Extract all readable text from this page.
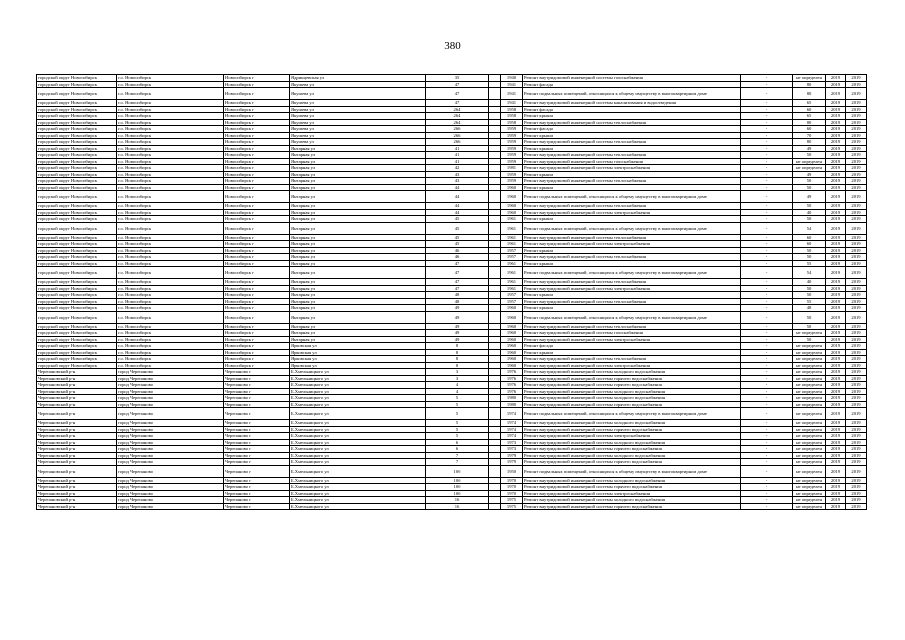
380
городской округ Новосибирск	г.о. Новосибирск	Новосибирск г	Ядринцевская ул	35		1940	Ремонт внутридомовой инженерной системы газоснабжения	-	не определен	2019	2019
городской округ Новосибирск	г.о. Новосибирск	Новосибирск г	Якушева ул	47		1941	Ремонт фасада	-	80	2019	2019
городской округ Новосибирск	г.о. Новосибирск	Новосибирск г	Якушева ул	47		1941	Ремонт подвальных помещений, относящихся к общему имуществу в многоквартирном доме	-	80	2019	2019
городской округ Новосибирск	г.о. Новосибирск	Новосибирск г	Якушева ул	47		1941	Ремонт внутридомовой инженерной системы канализования и водоотведения	-	65	2019	2019
городской округ Новосибирск	г.о. Новосибирск	Новосибирск г	Якушева ул	264		1958	Ремонт фасада	-	60	2019	2019
городской округ Новосибирск	г.о. Новосибирск	Новосибирск г	Якушева ул	264		1958	Ремонт крыши	-	65	2019	2019
городской округ Новосибирск	г.о. Новосибирск	Новосибирск г	Якушева ул	264		1958	Ремонт внутридомовой инженерной системы теплоснабжения	-	80	2019	2019
городской округ Новосибирск	г.о. Новосибирск	Новосибирск г	Якушева ул	266		1959	Ремонт фасада	-	60	2019	2019
городской округ Новосибирск	г.о. Новосибирск	Новосибирск г	Якушева ул	266		1959	Ремонт крыши	-	70	2019	2019
городской округ Новосибирск	г.о. Новосибирск	Новосибирск г	Якушева ул	266		1959	Ремонт внутридомовой инженерной системы теплоснабжения	-	80	2019	2019
городской округ Новосибирск	г.о. Новосибирск	Новосибирск г	Янтарная ул	41		1959	Ремонт крыши	-	49	2019	2019
городской округ Новосибирск	г.о. Новосибирск	Новосибирск г	Янтарная ул	41		1959	Ремонт внутридомовой инженерной системы теплоснабжения	-	50	2019	2019
городской округ Новосибирск	г.о. Новосибирск	Новосибирск г	Янтарная ул	41		1959	Ремонт внутридомовой инженерной системы газоснабжения	-	не определен	2019	2019
городской округ Новосибирск	г.о. Новосибирск	Новосибирск г	Янтарная ул	42		1981	Ремонт внутридомовой инженерной системы электроснабжения	-	не определен	2019	2019
городской округ Новосибирск	г.о. Новосибирск	Новосибирск г	Янтарная ул	43		1959	Ремонт крыши	-	49	2019	2019
городской округ Новосибирск	г.о. Новосибирск	Новосибирск г	Янтарная ул	43		1959	Ремонт внутридомовой инженерной системы теплоснабжения	-	50	2019	2019
городской округ Новосибирск	г.о. Новосибирск	Новосибирск г	Янтарная ул	44		1960	Ремонт крыши	-	50	2019	2019
городской округ Новосибирск	г.о. Новосибирск	Новосибирск г	Янтарная ул	44		1960	Ремонт подвальных помещений, относящихся к общему имуществу в многоквартирном доме	-	49	2019	2019
городской округ Новосибирск	г.о. Новосибирск	Новосибирск г	Янтарная ул	44		1960	Ремонт внутридомовой инженерной системы теплоснабжения	-	50	2019	2019
городской округ Новосибирск	г.о. Новосибирск	Новосибирск г	Янтарная ул	44		1960	Ремонт внутридомовой инженерной системы электроснабжения	-	40	2019	2019
городской округ Новосибирск	г.о. Новосибирск	Новосибирск г	Янтарная ул	45		1961	Ремонт крыши	-	50	2019	2019
городской округ Новосибирск	г.о. Новосибирск	Новосибирск г	Янтарная ул	45		1961	Ремонт подвальных помещений, относящихся к общему имуществу в многоквартирном доме	-	54	2019	2019
городской округ Новосибирск	г.о. Новосибирск	Новосибирск г	Янтарная ул	45		1961	Ремонт внутридомовой инженерной системы теплоснабжения	-	60	2019	2019
городской округ Новосибирск	г.о. Новосибирск	Новосибирск г	Янтарная ул	45		1961	Ремонт внутридомовой инженерной системы электроснабжения	-	60	2019	2019
городской округ Новосибирск	г.о. Новосибирск	Новосибирск г	Янтарная ул	46		1957	Ремонт крыши	-	50	2019	2019
городской округ Новосибирск	г.о. Новосибирск	Новосибирск г	Янтарная ул	46		1957	Ремонт внутридомовой инженерной системы теплоснабжения	-	50	2019	2019
городской округ Новосибирск	г.о. Новосибирск	Новосибирск г	Янтарная ул	47		1961	Ремонт крыши	-	55	2019	2019
городской округ Новосибирск	г.о. Новосибирск	Новосибирск г	Янтарная ул	47		1961	Ремонт подвальных помещений, относящихся к общему имуществу в многоквартирном доме	-	54	2019	2019
городской округ Новосибирск	г.о. Новосибирск	Новосибирск г	Янтарная ул	47		1961	Ремонт внутридомовой инженерной системы теплоснабжения	-	40	2019	2019
городской округ Новосибирск	г.о. Новосибирск	Новосибирск г	Янтарная ул	47		1961	Ремонт внутридомовой инженерной системы электроснабжения	-	50	2019	2019
городской округ Новосибирск	г.о. Новосибирск	Новосибирск г	Янтарная ул	48		1957	Ремонт крыши	-	50	2019	2019
городской округ Новосибирск	г.о. Новосибирск	Новосибирск г	Янтарная ул	48		1957	Ремонт внутридомовой инженерной системы теплоснабжения	-	55	2019	2019
городской округ Новосибирск	г.о. Новосибирск	Новосибирск г	Янтарная ул	49		1960	Ремонт крыши	-	48	2019	2019
городской округ Новосибирск	г.о. Новосибирск	Новосибирск г	Янтарная ул	49		1960	Ремонт подвальных помещений, относящихся к общему имуществу в многоквартирном доме	-	50	2019	2019
городской округ Новосибирск	г.о. Новосибирск	Новосибирск г	Янтарная ул	49		1960	Ремонт внутридомовой инженерной системы теплоснабжения	-	50	2019	2019
городской округ Новосибирск	г.о. Новосибирск	Новосибирск г	Янтарная ул	49		1960	Ремонт внутридомовой инженерной системы газоснабжения	-	не определен	2019	2019
городской округ Новосибирск	г.о. Новосибирск	Новосибирск г	Янтарная ул	49		1960	Ремонт внутридомовой инженерной системы электроснабжения	-	50	2019	2019
городской округ Новосибирск	г.о. Новосибирск	Новосибирск г	Ярковская ул	8		1960	Ремонт фасада	-	не определен	2019	2019
городской округ Новосибирск	г.о. Новосибирск	Новосибирск г	Ярковская ул	8		1960	Ремонт крыши	-	не определен	2019	2019
городской округ Новосибирск	г.о. Новосибирск	Новосибирск г	Ярковская ул	8		1960	Ремонт внутридомовой инженерной системы теплоснабжения	-	не определен	2019	2019
городской округ Новосибирск	г.о. Новосибирск	Новосибирск г	Ярковская ул	8		1960	Ремонт внутридомовой инженерной системы электроснабжения	-	не определен	2019	2019
Черепановский р-н	город Черепаново	Черепаново г	Б.Хмельницкого ул	3		1976	Ремонт внутридомовой инженерной системы холодного водоснабжения	-	не определен	2019	2019
Черепановский р-н	город Черепаново	Черепаново г	Б.Хмельницкого ул	3		1976	Ремонт внутридомовой инженерной системы горячего водоснабжения	-	не определен	2019	2019
Черепановский р-н	город Черепаново	Черепаново г	Б.Хмельницкого ул	4		1976	Ремонт внутридомовой инженерной системы горячего водоснабжения	-	не определен	2019	2019
Черепановский р-н	город Черепаново	Черепаново г	Б.Хмельницкого ул	4		1976	Ремонт внутридомовой инженерной системы холодного водоснабжения	-	не определен	2019	2019
Черепановский р-н	город Черепаново	Черепаново г	Б.Хмельницкого ул	5		1980	Ремонт внутридомовой инженерной системы холодного водоснабжения	-	не определен	2019	2019
Черепановский р-н	город Черепаново	Черепаново г	Б.Хмельницкого ул	5		1980	Ремонт внутридомовой инженерной системы горячего водоснабжения	-	не определен	2019	2019
Черепановский р-н	город Черепаново	Черепаново г	Б.Хмельницкого ул	5		1974	Ремонт подвальных помещений, относящихся к общему имуществу в многоквартирном доме	-	не определен	2019	2019
Черепановский р-н	город Черепаново	Черепаново г	Б.Хмельницкого ул	5		1974	Ремонт внутридомовой инженерной системы холодного водоснабжения	-	не определен	2019	2019
Черепановский р-н	город Черепаново	Черепаново г	Б.Хмельницкого ул	5		1974	Ремонт внутридомовой инженерной системы горячего водоснабжения	-	не определен	2019	2019
Черепановский р-н	город Черепаново	Черепаново г	Б.Хмельницкого ул	5		1974	Ремонт внутридомовой инженерной системы электроснабжения	-	не определен	2019	2019
Черепановский р-н	город Черепаново	Черепаново г	Б.Хмельницкого ул	6		1973	Ремонт внутридомовой инженерной системы холодного водоснабжения	-	не определен	2019	2019
Черепановский р-н	город Черепаново	Черепаново г	Б.Хмельницкого ул	6		1973	Ремонт внутридомовой инженерной системы горячего водоснабжения	-	не определен	2019	2019
Черепановский р-н	город Черепаново	Черепаново г	Б.Хмельницкого ул	7		1979	Ремонт внутридомовой инженерной системы холодного водоснабжения	-	не определен	2019	2019
Черепановский р-н	город Черепаново	Черепаново г	Б.Хмельницкого ул	7		1979	Ремонт внутридомовой инженерной системы горячего водоснабжения	-	не определен	2019	2019
Черепановский р-н	город Черепаново	Черепаново г	Б.Хмельницкого ул	10б		1950	Ремонт подвальных помещений, относящихся к общему имуществу в многоквартирном доме	-	не определен	2019	2019
Черепановский р-н	город Черепаново	Черепаново г	Б.Хмельницкого ул	10б		1970	Ремонт внутридомовой инженерной системы холодного водоснабжения	-	не определен	2019	2019
Черепановский р-н	город Черепаново	Черепаново г	Б.Хмельницкого ул	10б		1970	Ремонт внутридомовой инженерной системы горячего водоснабжения	-	не определен	2019	2019
Черепановский р-н	город Черепаново	Черепаново г	Б.Хмельницкого ул	10б		1970	Ремонт внутридомовой инженерной системы электроснабжения	-	не определен	2019	2019
Черепановский р-н	город Черепаново	Черепаново г	Б.Хмельницкого ул	16		1975	Ремонт внутридомовой инженерной системы холодного водоснабжения	-	не определен	2019	2019
Черепановский р-н	город Черепаново	Черепаново г	Б.Хмельницкого ул	16		1975	Ремонт внутридомовой инженерной системы горячего водоснабжения	-	не определен	2019	2019
